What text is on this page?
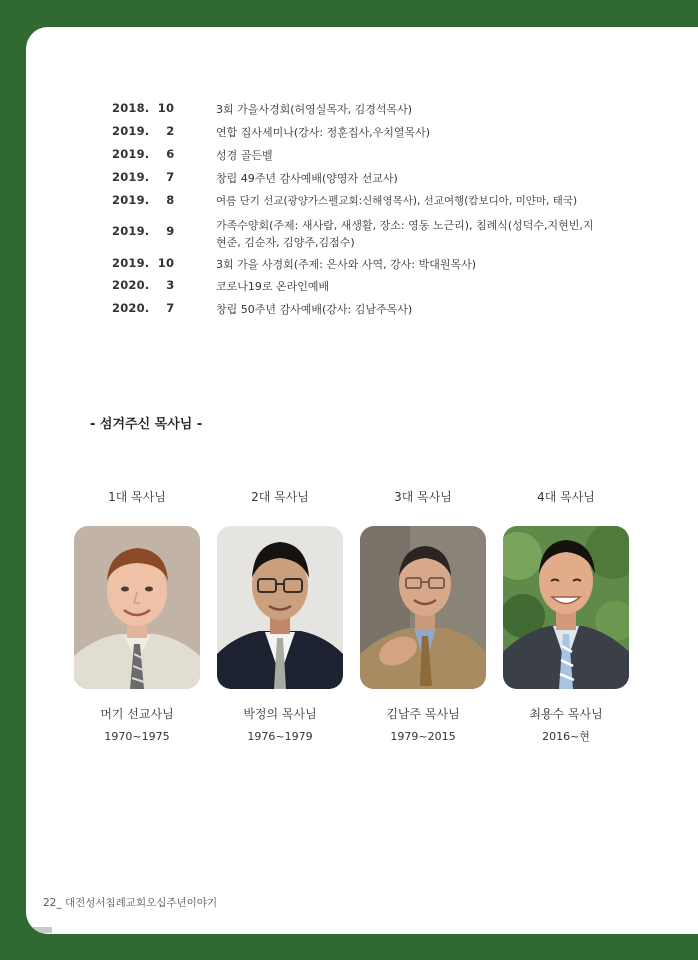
2018.  10	3회 가을사경회(허영실목자, 김경석목사)
2019.    2	연합 집사세미나(강사: 정훈집사,우치열목사)
2019.    6	성경 골든벨
2019.    7	창립 49주년 감사예배(양영자 선교사)
2019.    8	여름 단기 선교(광양가스펠교회:신해영목사), 선교여행(캄보디아, 미얀마, 태국)
2019.    9	가족수양회(주제: 새사람, 새생활, 장소: 영동 노근리), 침례식(성덕수,지현빈,지현준, 김순자, 김양주,김점수)
2019.  10	3회 가을 사경회(주제: 은사와 사역, 강사: 박대원목사)
2020.    3	코로나19로 온라인예배
2020.    7	창립 50주년 감사예배(강사: 김남주목사)
- 섬겨주신 목사님 -
1대 목사님
머기 선교사님
1970~1975
2대 목사님
박정의 목사님
1976~1979
3대 목사님
김남주 목사님
1979~2015
4대 목사님
최용수 목사님
2016~현
22_ 대전성서침례교회오십주년이야기
